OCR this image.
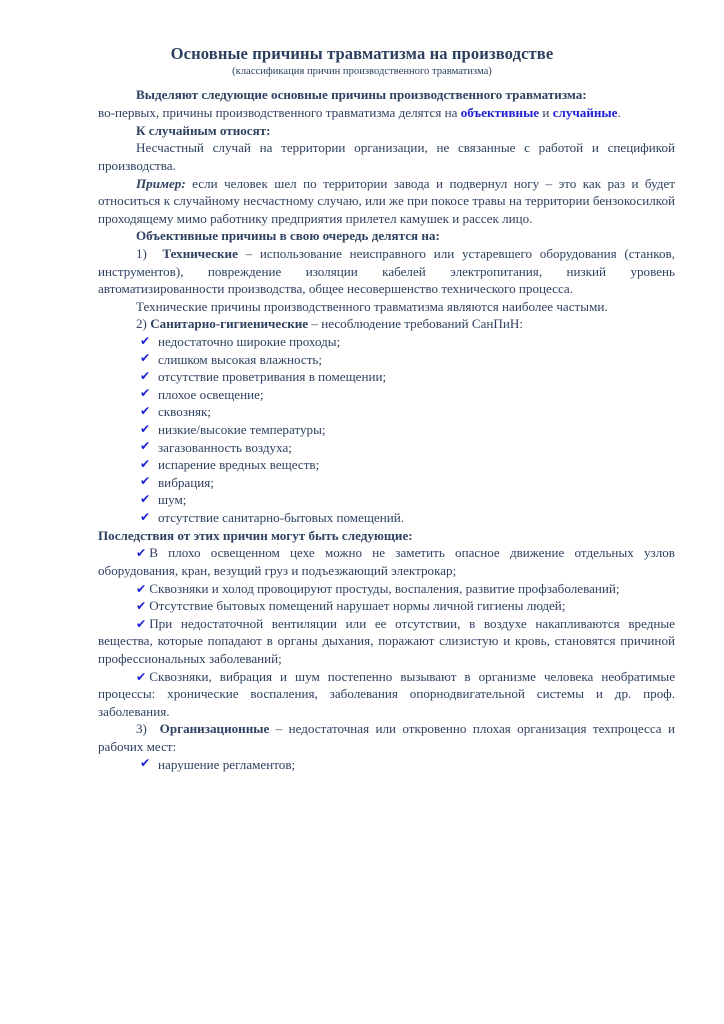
Основные причины травматизма на производстве
(классификация причин производственного травматизма)

Выделяют следующие основные причины производственного травматизма:

во-первых, причины производственного травматизма делятся на объективные и случайные.

К случайным относят:

Несчастный случай на территории организации, не связанные с работой и спецификой производства.

Пример: если человек шел по территории завода и подвернул ногу – это как раз и будет относиться к случайному несчастному случаю, или же при покосе травы на территории бензокосилкой проходящему мимо работнику предприятия прилетел камушек и рассек лицо.

Объективные причины в свою очередь делятся на:

1) Технические – использование неисправного или устаревшего оборудования (станков, инструментов), повреждение изоляции кабелей электропитания, низкий уровень автоматизированности производства, общее несовершенство технического процесса.

Технические причины производственного травматизма являются наиболее частыми.

2) Санитарно-гигиенические – несоблюдение требований СанПиН:

✔ недостаточно широкие проходы;
✔ слишком высокая влажность;
✔ отсутствие проветривания в помещении;
✔ плохое освещение;
✔ сквозняк;
✔ низкие/высокие температуры;
✔ загазованность воздуха;
✔ испарение вредных веществ;
✔ вибрация;
✔ шум;
✔ отсутствие санитарно-бытовых помещений.

Последствия от этих причин могут быть следующие:

✔ В плохо освещенном цехе можно не заметить опасное движение отдельных узлов оборудования, кран, везущий груз и подъезжающий электрокар;

✔ Сквозняки и холод провоцируют простуды, воспаления, развитие профзаболеваний;

✔ Отсутствие бытовых помещений нарушает нормы личной гигиены людей;

✔ При недостаточной вентиляции или ее отсутствии, в воздухе накапливаются вредные вещества, которые попадают в органы дыхания, поражают слизистую и кровь, становятся причиной профессиональных заболеваний;

✔ Сквозняки, вибрация и шум постепенно вызывают в организме человека необратимые процессы: хронические воспаления, заболевания опорнодвигательной системы и др. проф. заболевания.

3) Организационные – недостаточная или откровенно плохая организация техпроцесса и рабочих мест:

✔ нарушение регламентов;
